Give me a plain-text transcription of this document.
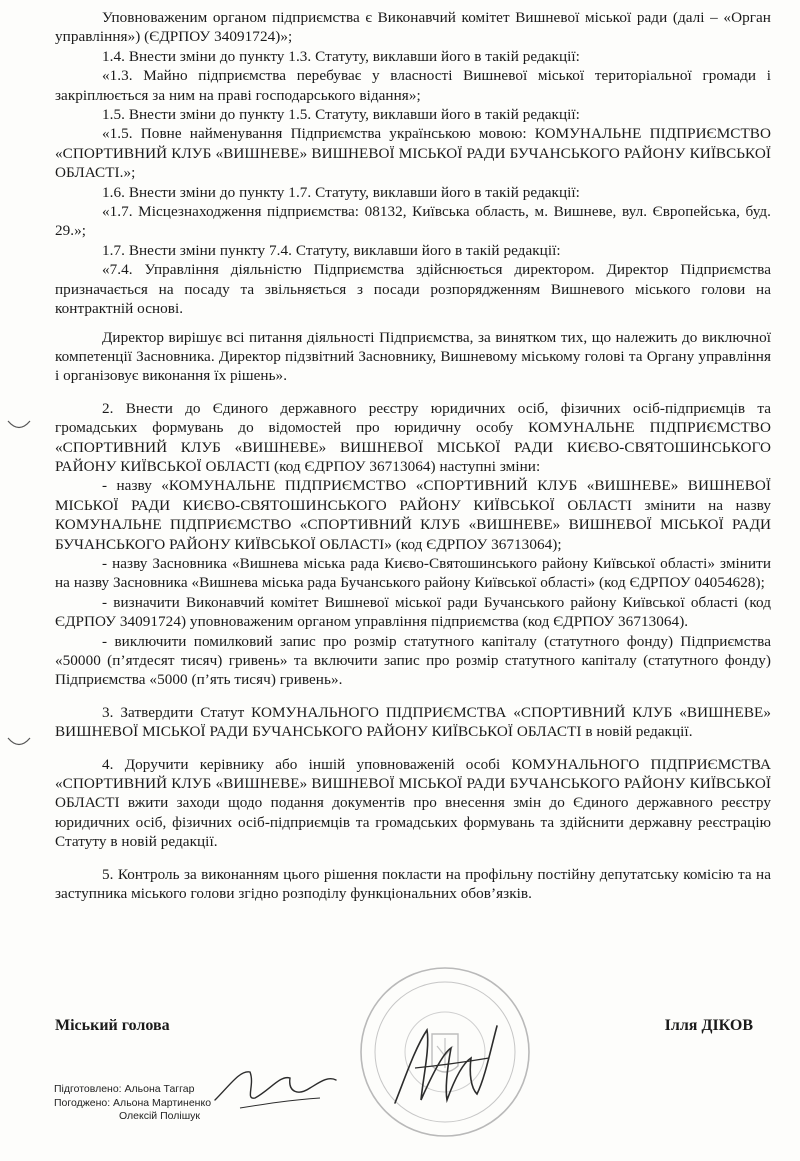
Уповноваженим органом підприємства є Виконавчий комітет Вишневої міської ради (далі – «Орган управління») (ЄДРПОУ 34091724)»;

1.4. Внести зміни до пункту 1.3. Статуту, виклавши його в такій редакції:

«1.3. Майно підприємства перебуває у власності Вишневої міської територіальної громади і закріплюється за ним на праві господарського відання»;

1.5. Внести зміни до пункту 1.5. Статуту, виклавши його в такій редакції:

«1.5. Повне найменування Підприємства українською мовою: КОМУНАЛЬНЕ ПІДПРИЄМСТВО «СПОРТИВНИЙ КЛУБ «ВИШНЕВЕ» ВИШНЕВОЇ МІСЬКОЇ РАДИ БУЧАНСЬКОГО РАЙОНУ КИЇВСЬКОЇ ОБЛАСТІ.»;

1.6. Внести зміни до пункту 1.7. Статуту, виклавши його в такій редакції:

«1.7. Місцезнаходження підприємства: 08132, Київська область, м. Вишневе, вул. Європейська, буд. 29.»;

1.7. Внести зміни пункту 7.4. Статуту, виклавши його в такій редакції:

«7.4. Управління діяльністю Підприємства здійснюється директором. Директор Підприємства призначається на посаду та звільняється з посади розпорядженням Вишневого міського голови на контрактній основі.

Директор вирішує всі питання діяльності Підприємства, за винятком тих, що належить до виключної компетенції Засновника. Директор підзвітний Засновнику, Вишневому міському голові та Органу управління і організовує виконання їх рішень».

2. Внести до Єдиного державного реєстру юридичних осіб, фізичних осіб-підприємців та громадських формувань до відомостей про юридичну особу КОМУНАЛЬНЕ ПІДПРИЄМСТВО «СПОРТИВНИЙ КЛУБ «ВИШНЕВЕ» ВИШНЕВОЇ МІСЬКОЇ РАДИ КИЄВО-СВЯТОШИНСЬКОГО РАЙОНУ КИЇВСЬКОЇ ОБЛАСТІ (код ЄДРПОУ 36713064) наступні зміни:

- назву «КОМУНАЛЬНЕ ПІДПРИЄМСТВО «СПОРТИВНИЙ КЛУБ «ВИШНЕВЕ» ВИШНЕВОЇ МІСЬКОЇ РАДИ КИЄВО-СВЯТОШИНСЬКОГО РАЙОНУ КИЇВСЬКОЇ ОБЛАСТІ змінити на назву КОМУНАЛЬНЕ ПІДПРИЄМСТВО «СПОРТИВНИЙ КЛУБ «ВИШНЕВЕ» ВИШНЕВОЇ МІСЬКОЇ РАДИ БУЧАНСЬКОГО РАЙОНУ КИЇВСЬКОЇ ОБЛАСТІ» (код ЄДРПОУ 36713064);

- назву Засновника «Вишнева міська рада Києво-Святошинського району Київської області» змінити на назву Засновника «Вишнева міська рада Бучанського району Київської області» (код ЄДРПОУ 04054628);

- визначити Виконавчий комітет Вишневої міської ради Бучанського району Київської області (код ЄДРПОУ 34091724) уповноваженим органом управління підприємства (код ЄДРПОУ 36713064).

- виключити помилковий запис про розмір статутного капіталу (статутного фонду) Підприємства «50000 (п’ятдесят тисяч) гривень» та включити запис про розмір статутного капіталу (статутного фонду) Підприємства «5000 (п’ять тисяч) гривень».

3. Затвердити Статут КОМУНАЛЬНОГО ПІДПРИЄМСТВА «СПОРТИВНИЙ КЛУБ «ВИШНЕВЕ» ВИШНЕВОЇ МІСЬКОЇ РАДИ БУЧАНСЬКОГО РАЙОНУ КИЇВСЬКОЇ ОБЛАСТІ в новій редакції.

4. Доручити керівнику або іншій уповноваженій особі КОМУНАЛЬНОГО ПІДПРИЄМСТВА «СПОРТИВНИЙ КЛУБ «ВИШНЕВЕ» ВИШНЕВОЇ МІСЬКОЇ РАДИ БУЧАНСЬКОГО РАЙОНУ КИЇВСЬКОЇ ОБЛАСТІ вжити заходи щодо подання документів про внесення змін до Єдиного державного реєстру юридичних осіб, фізичних осіб-підприємців та громадських формувань та здійснити державну реєстрацію Статуту в новій редакції.

5. Контроль за виконанням цього рішення покласти на профільну постійну депутатську комісію та на заступника міського голови згідно розподілу функціональних обов’язків.

Міський голова	Ілля ДІКОВ
Підготовлено: Альона Таггар
Погоджено: Альона Мартиненко
Олексій Полішук
